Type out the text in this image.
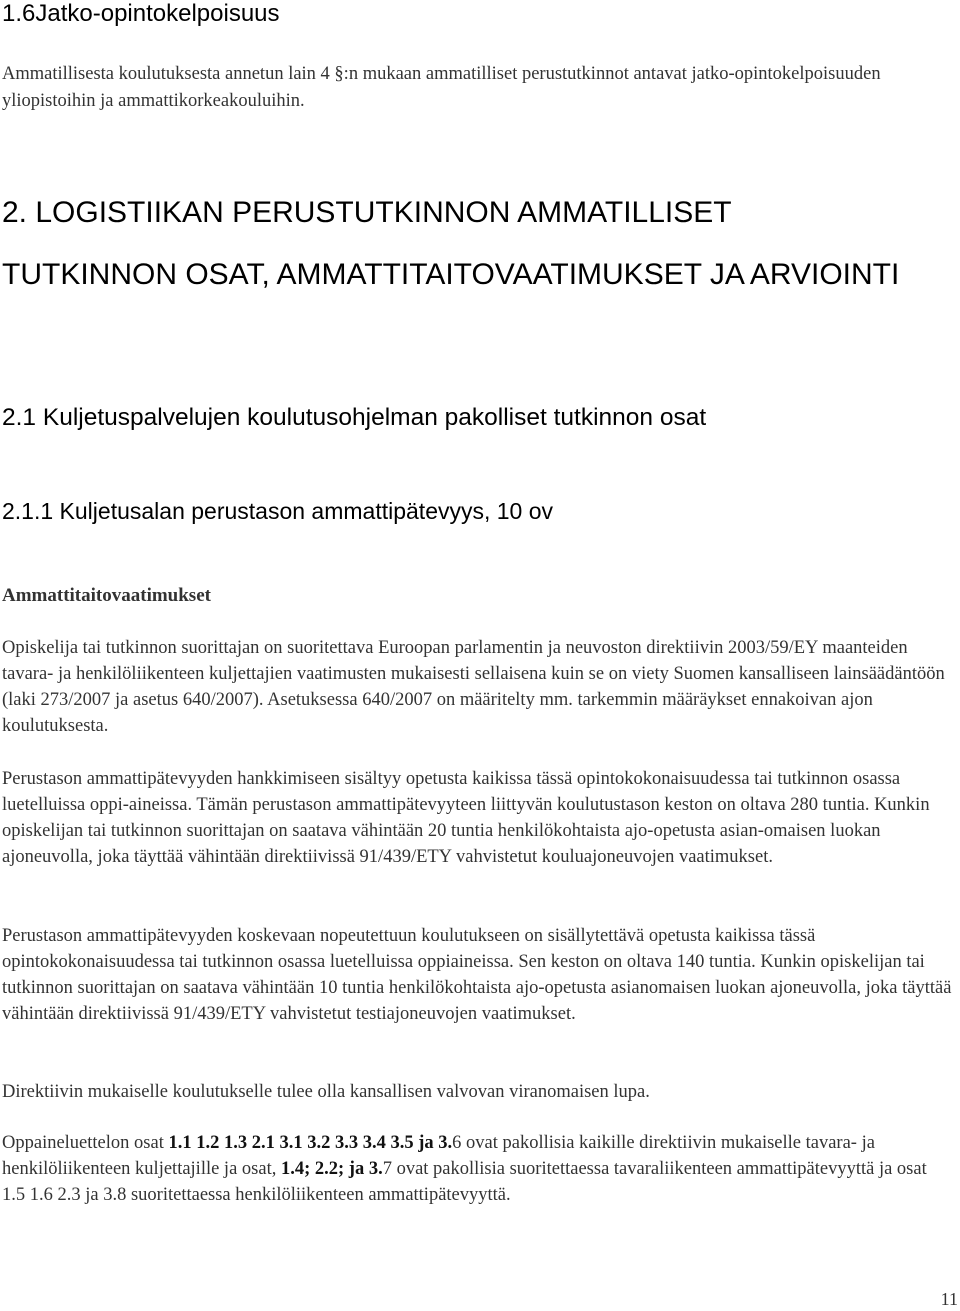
1.6Jatko-opintokelpoisuus

Ammatillisesta koulutuksesta annetun lain 4 §:n mukaan ammatilliset perustutkinnot antavat jatko-opintokelpoisuuden yliopistoihin ja ammattikorkeakouluihin.

2. LOGISTIIKAN PERUSTUTKINNON AMMATILLISET TUTKINNON OSAT, AMMATTITAITOVAATIMUKSET JA ARVIOINTI
2.1 Kuljetuspalvelujen koulutusohjelman pakolliset tutkinnon osat
2.1.1 Kuljetusalan perustason ammattipätevyys, 10 ov
Ammattitaitovaatimukset

Opiskelija tai tutkinnon suorittajan on suoritettava Euroopan parlamentin ja neuvoston direktiivin 2003/59/EY maanteiden tavara- ja henkilöliikenteen kuljettajien vaatimusten mukaisesti sellaisena kuin se on viety Suomen kansalliseen lainsäädäntöön (laki 273/2007 ja asetus 640/2007). Asetuksessa 640/2007 on määritelty mm. tarkemmin määräykset ennakoivan ajon koulutuksesta.

Perustason ammattipätevyyden hankkimiseen sisältyy opetusta kaikissa tässä opintokokonaisuudessa tai tutkinnon osassa luetelluissa oppi-aineissa. Tämän perustason ammattipätevyyteen liittyvän koulutustason keston on oltava 280 tuntia. Kunkin opiskelijan tai tutkinnon suorittajan on saatava vähintään 20 tuntia henkilökohtaista ajo-opetusta asian-omaisen luokan ajoneuvolla, joka täyttää vähintään direktiivissä 91/439/ETY vahvistetut kouluajoneuvojen vaatimukset.

Perustason ammattipätevyyden koskevaan nopeutettuun koulutukseen on sisällytettävä opetusta kaikissa tässä opintokokonaisuudessa tai tutkinnon osassa luetelluissa oppiaineissa. Sen keston on oltava 140 tuntia. Kunkin opiskelijan tai tutkinnon suorittajan on saatava vähintään 10 tuntia henkilökohtaista ajo-opetusta asianomaisen luokan ajoneuvolla, joka täyttää vähintään direktiivissä 91/439/ETY vahvistetut testiajoneuvojen vaatimukset.

Direktiivin mukaiselle koulutukselle tulee olla kansallisen valvovan viranomaisen lupa.

Oppaineluettelon osat 1.1 1.2 1.3 2.1 3.1 3.2 3.3 3.4 3.5 ja 3.6 ovat pakollisia kaikille direktiivin mukaiselle tavara- ja henkilöliikenteen kuljettajille ja osat, 1.4; 2.2; ja 3.7 ovat pakollisia suoritettaessa tavaraliikenteen ammattipätevyyttä ja osat 1.5 1.6 2.3 ja 3.8 suoritettaessa henkilöliikenteen ammattipätevyyttä.

11
